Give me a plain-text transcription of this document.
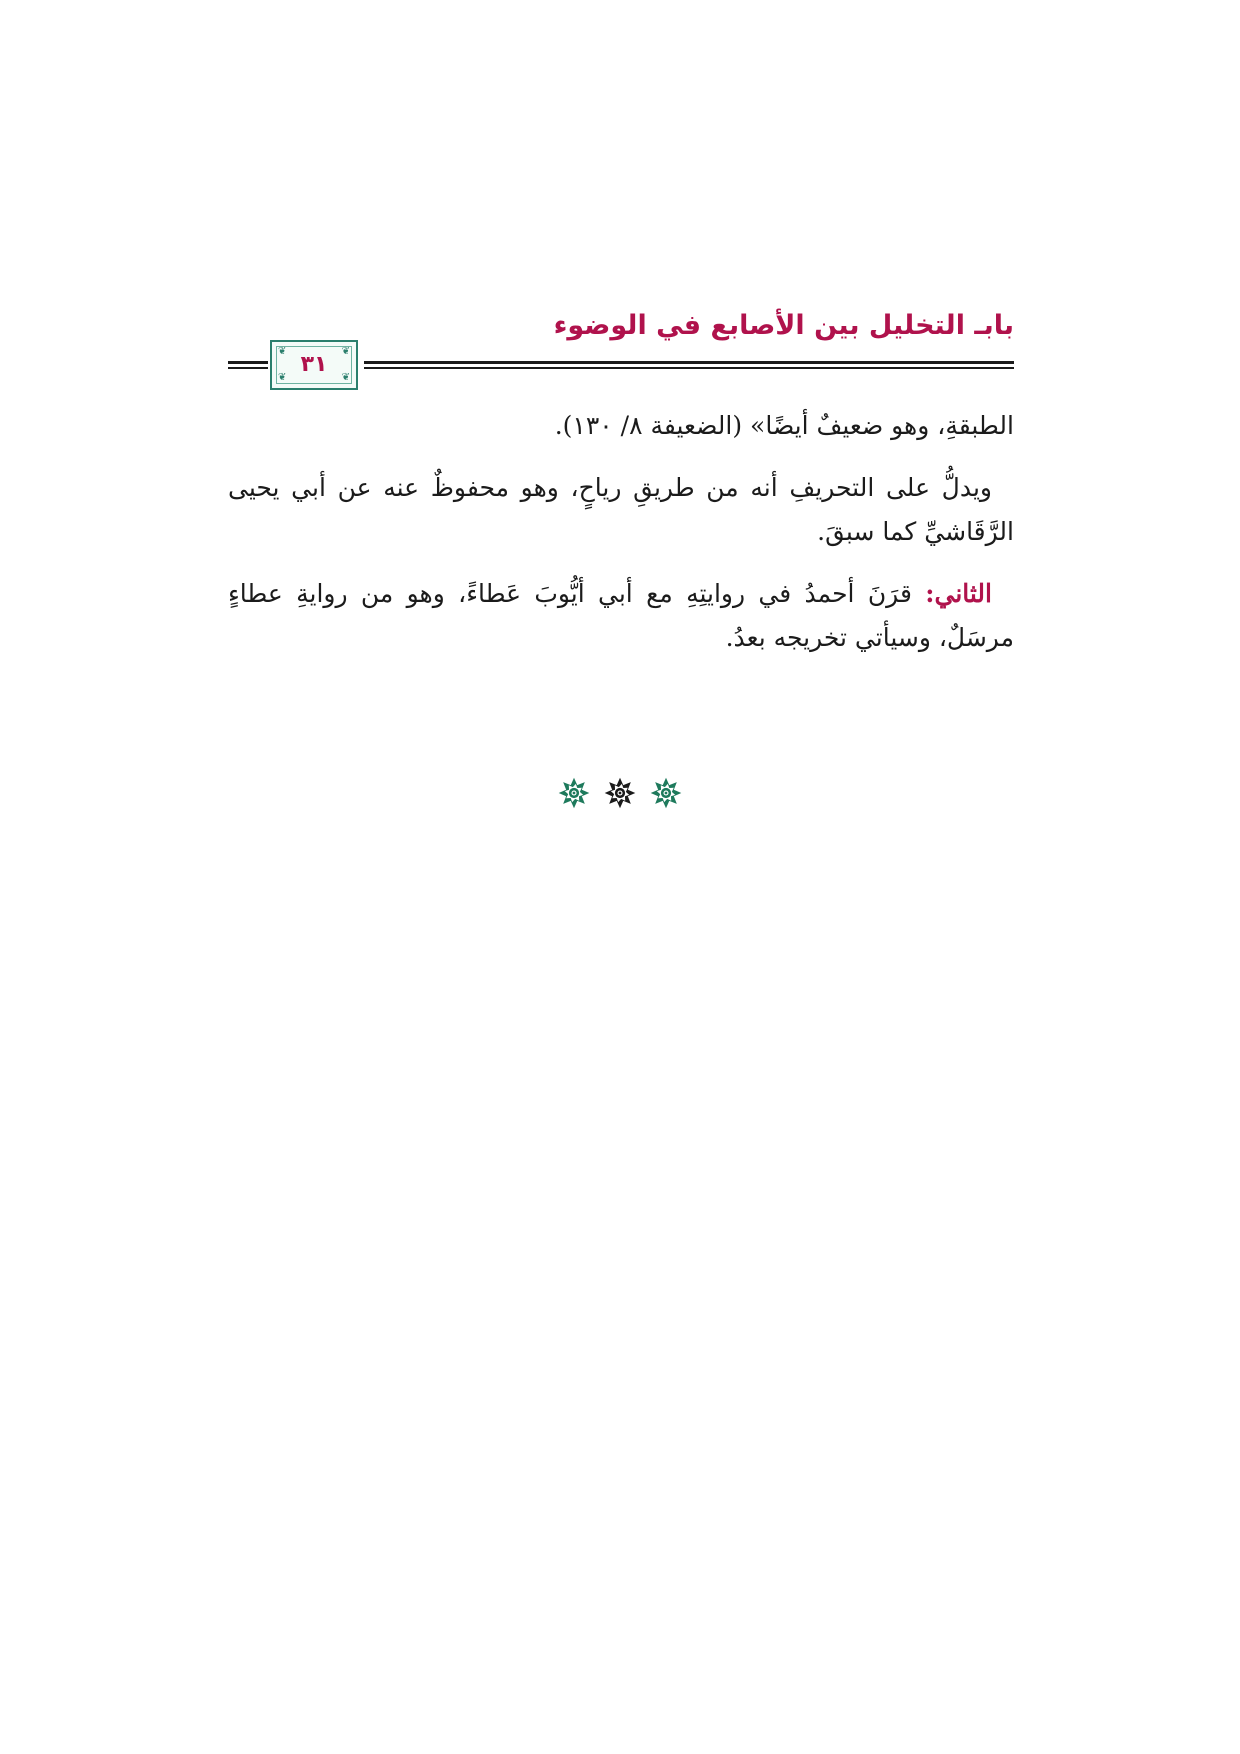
بابـ التخليل بين الأصابع في الوضوء
❦	❦
❦	❦
٣١

الطبقةِ، وهو ضعيفٌ أيضًا» (الضعيفة ٨/ ١٣٠).

ويدلُّ على التحريفِ أنه من طريقِ رياحٍ، وهو محفوظٌ عنه عن أبي يحيى الرَّقَاشيِّ كما سبقَ.

الثاني: قرَنَ أحمدُ في روايتِهِ مع أبي أيُّوبَ عَطاءً، وهو من روايةِ عطاءٍ مرسَلٌ، وسيأتي تخريجه بعدُ.
